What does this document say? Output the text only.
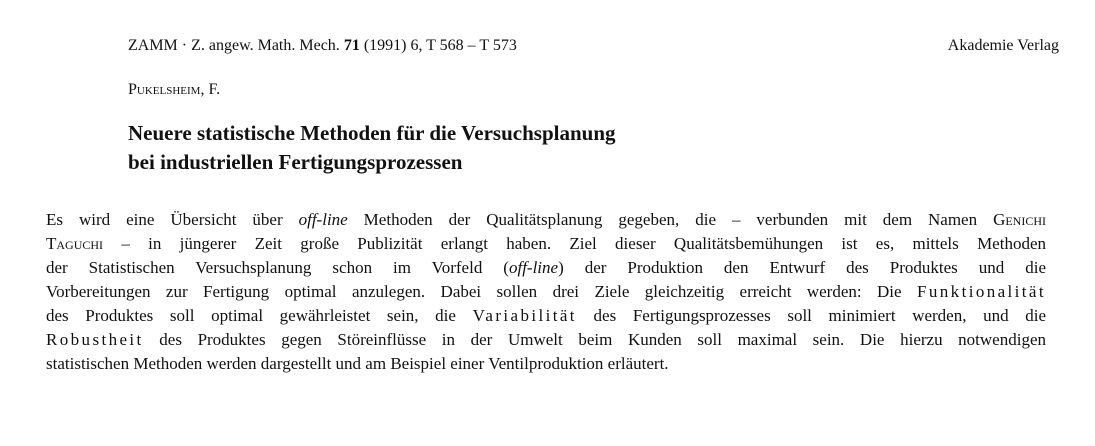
ZAMM · Z. angew. Math. Mech. 71 (1991) 6, T 568 – T 573	Akademie Verlag
Pukelsheim, F.
Neuere statistische Methoden für die Versuchsplanung
bei industriellen Fertigungsprozessen
Es wird eine Übersicht über off-line Methoden der Qualitätsplanung gegeben, die – verbunden mit dem Namen Genichi
Taguchi – in jüngerer Zeit große Publizität erlangt haben. Ziel dieser Qualitätsbemühungen ist es, mittels Methoden
der Statistischen Versuchsplanung schon im Vorfeld (off-line) der Produktion den Entwurf des Produktes und die
Vorbereitungen zur Fertigung optimal anzulegen. Dabei sollen drei Ziele gleichzeitig erreicht werden: Die Funktionalität
des Produktes soll optimal gewährleistet sein, die Variabilität des Fertigungsprozesses soll minimiert werden, und die
Robustheit des Produktes gegen Störeinflüsse in der Umwelt beim Kunden soll maximal sein. Die hierzu notwendigen
statistischen Methoden werden dargestellt und am Beispiel einer Ventilproduktion erläutert.
